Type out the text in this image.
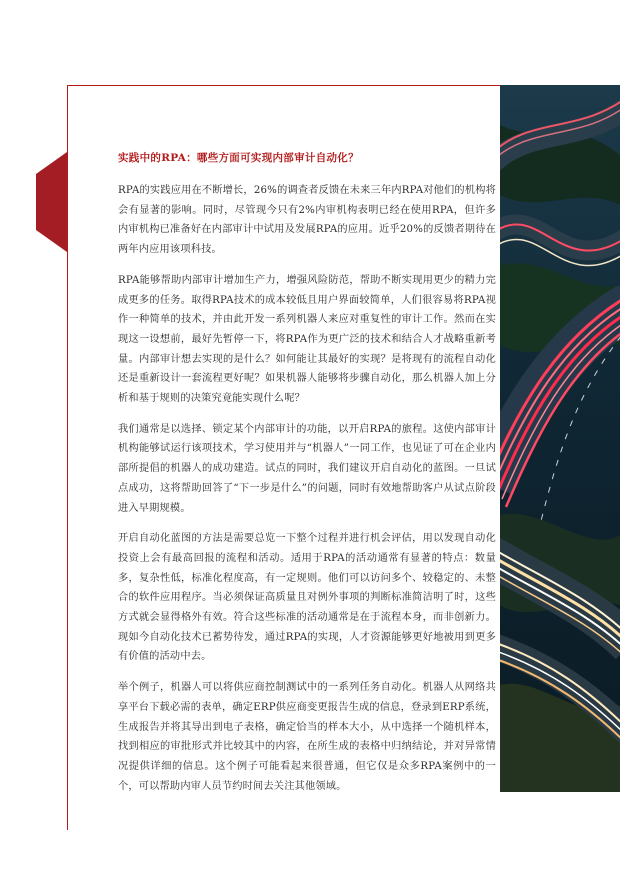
实践中的RPA：哪些方面可实现内部审计自动化？

RPA的实践应用在不断增长，26%的调查者反馈在未来三年内RPA对他们的机构将会有显著的影响。同时，尽管现今只有2%内审机构表明已经在使用RPA，但许多内审机构已准备好在内部审计中试用及发展RPA的应用。近乎20%的反馈者期待在两年内应用该项科技。

RPA能够帮助内部审计增加生产力，增强风险防范，帮助不断实现用更少的精力完成更多的任务。取得RPA技术的成本较低且用户界面较简单，人们很容易将RPA视作一种简单的技术，并由此开发一系列机器人来应对重复性的审计工作。然而在实现这一设想前，最好先暂停一下，将RPA作为更广泛的技术和结合人才战略重新考量。内部审计想去实现的是什么？如何能让其最好的实现？是将现有的流程自动化还是重新设计一套流程更好呢？如果机器人能够将步骤自动化，那么机器人加上分析和基于规则的决策究竟能实现什么呢？

我们通常是以选择、锁定某个内部审计的功能，以开启RPA的旅程。这使内部审计机构能够试运行该项技术，学习使用并与“机器人”一同工作，也见证了可在企业内部所提倡的机器人的成功建造。试点的同时，我们建议开启自动化的蓝图。一旦试点成功，这将帮助回答了“下一步是什么”的问题，同时有效地帮助客户从试点阶段进入早期规模。

开启自动化蓝图的方法是需要总览一下整个过程并进行机会评估，用以发现自动化投资上会有最高回报的流程和活动。适用于RPA的活动通常有显著的特点：数量多，复杂性低，标准化程度高，有一定规则。他们可以访问多个、较稳定的、未整合的软件应用程序。当必须保证高质量且对例外事项的判断标准简洁明了时，这些方式就会显得格外有效。符合这些标准的活动通常是在于流程本身，而非创新力。现如今自动化技术已蓄势待发，通过RPA的实现，人才资源能够更好地被用到更多有价值的活动中去。

举个例子，机器人可以将供应商控制测试中的一系列任务自动化。机器人从网络共享平台下载必需的表单，确定ERP供应商变更报告生成的信息，登录到ERP系统，生成报告并将其导出到电子表格，确定恰当的样本大小，从中选择一个随机样本，找到相应的审批形式并比较其中的内容，在所生成的表格中归纳结论，并对异常情况提供详细的信息。这个例子可能看起来很普通，但它仅是众多RPA案例中的一个，可以帮助内审人员节约时间去关注其他领域。
